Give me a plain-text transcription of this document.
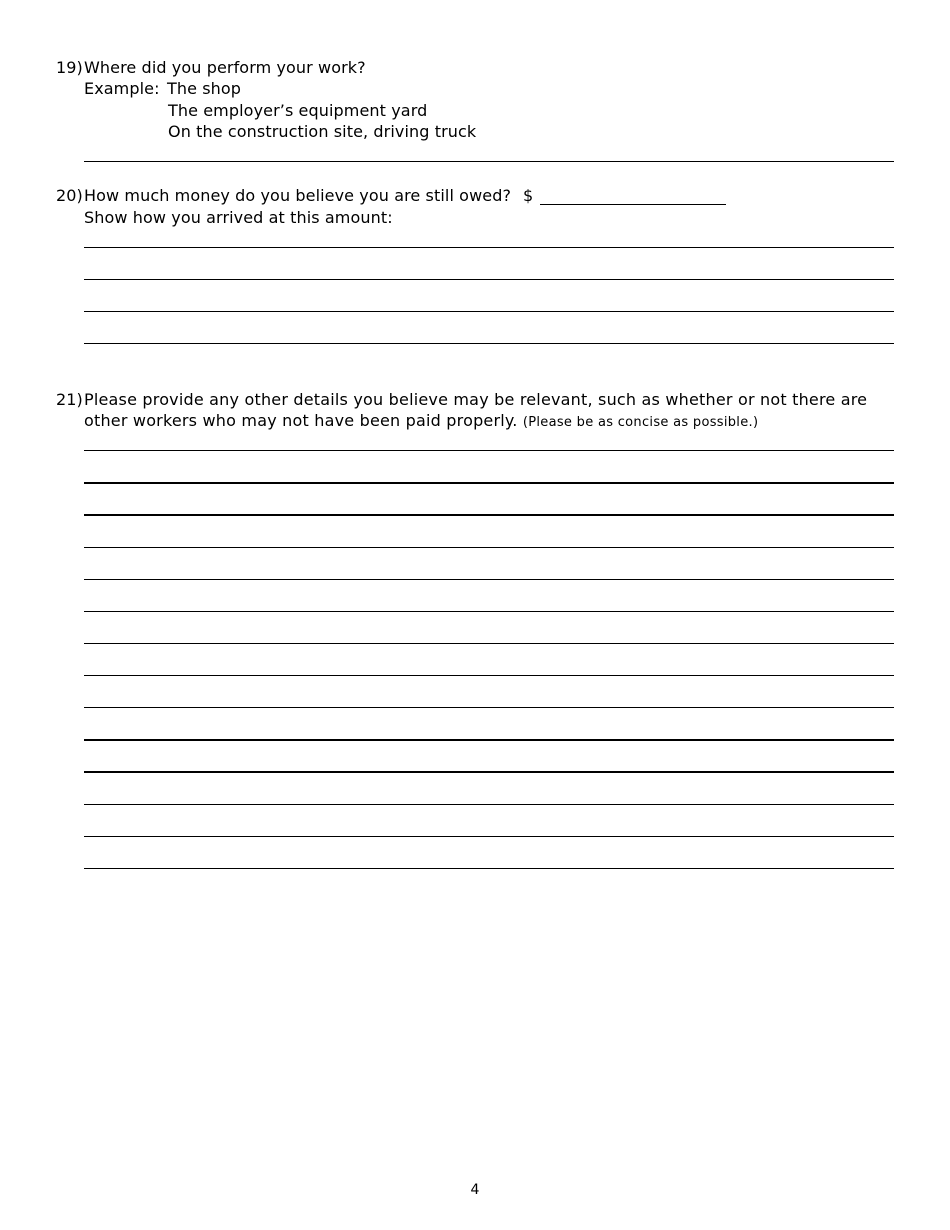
19) Where did you perform your work?
Example: The shop
The employer’s equipment yard
On the construction site, driving truck
20) How much money do you believe you are still owed? $
Show how you arrived at this amount:
21) Please provide any other details you believe may be relevant, such as whether or not there are
other workers who may not have been paid properly. (Please be as concise as possible.)
4
